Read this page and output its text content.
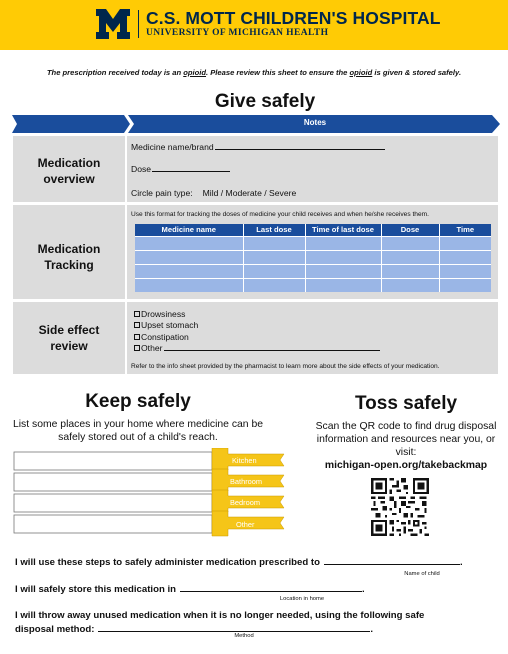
C.S. MOTT CHILDREN'S HOSPITAL
UNIVERSITY OF MICHIGAN HEALTH
The prescription received today is an opioid. Please review this sheet to ensure the opioid is given & stored safely.
Give safely
Notes
Medication
overview
Medicine name/brand
Dose
Circle pain type: Mild / Moderate / Severe
Medication
Tracking
Use this format for tracking the doses of medicine your child receives and when he/she receives them.
Medicine name	Last dose	Time of last dose	Dose	Time

Side effect
review
Drowsiness
Upset stomach
Constipation
Other
Refer to the info sheet provided by the pharmacist to learn more about the side effects of your medication.
Keep safely
List some places in your home where medicine can be safely stored out of a child's reach.
Kitchen
Bathroom
Bedroom
Other
Toss safely
Scan the QR code to find drug disposal information and resources near you, or visit:
michigan-open.org/takebackmap
I will use these steps to safely administer medication prescribed to	.
Name of child
I will safely store this medication in	.
Location in home
I will throw away unused medication when it is no longer needed, using the following safe
disposal method:	.
Method
